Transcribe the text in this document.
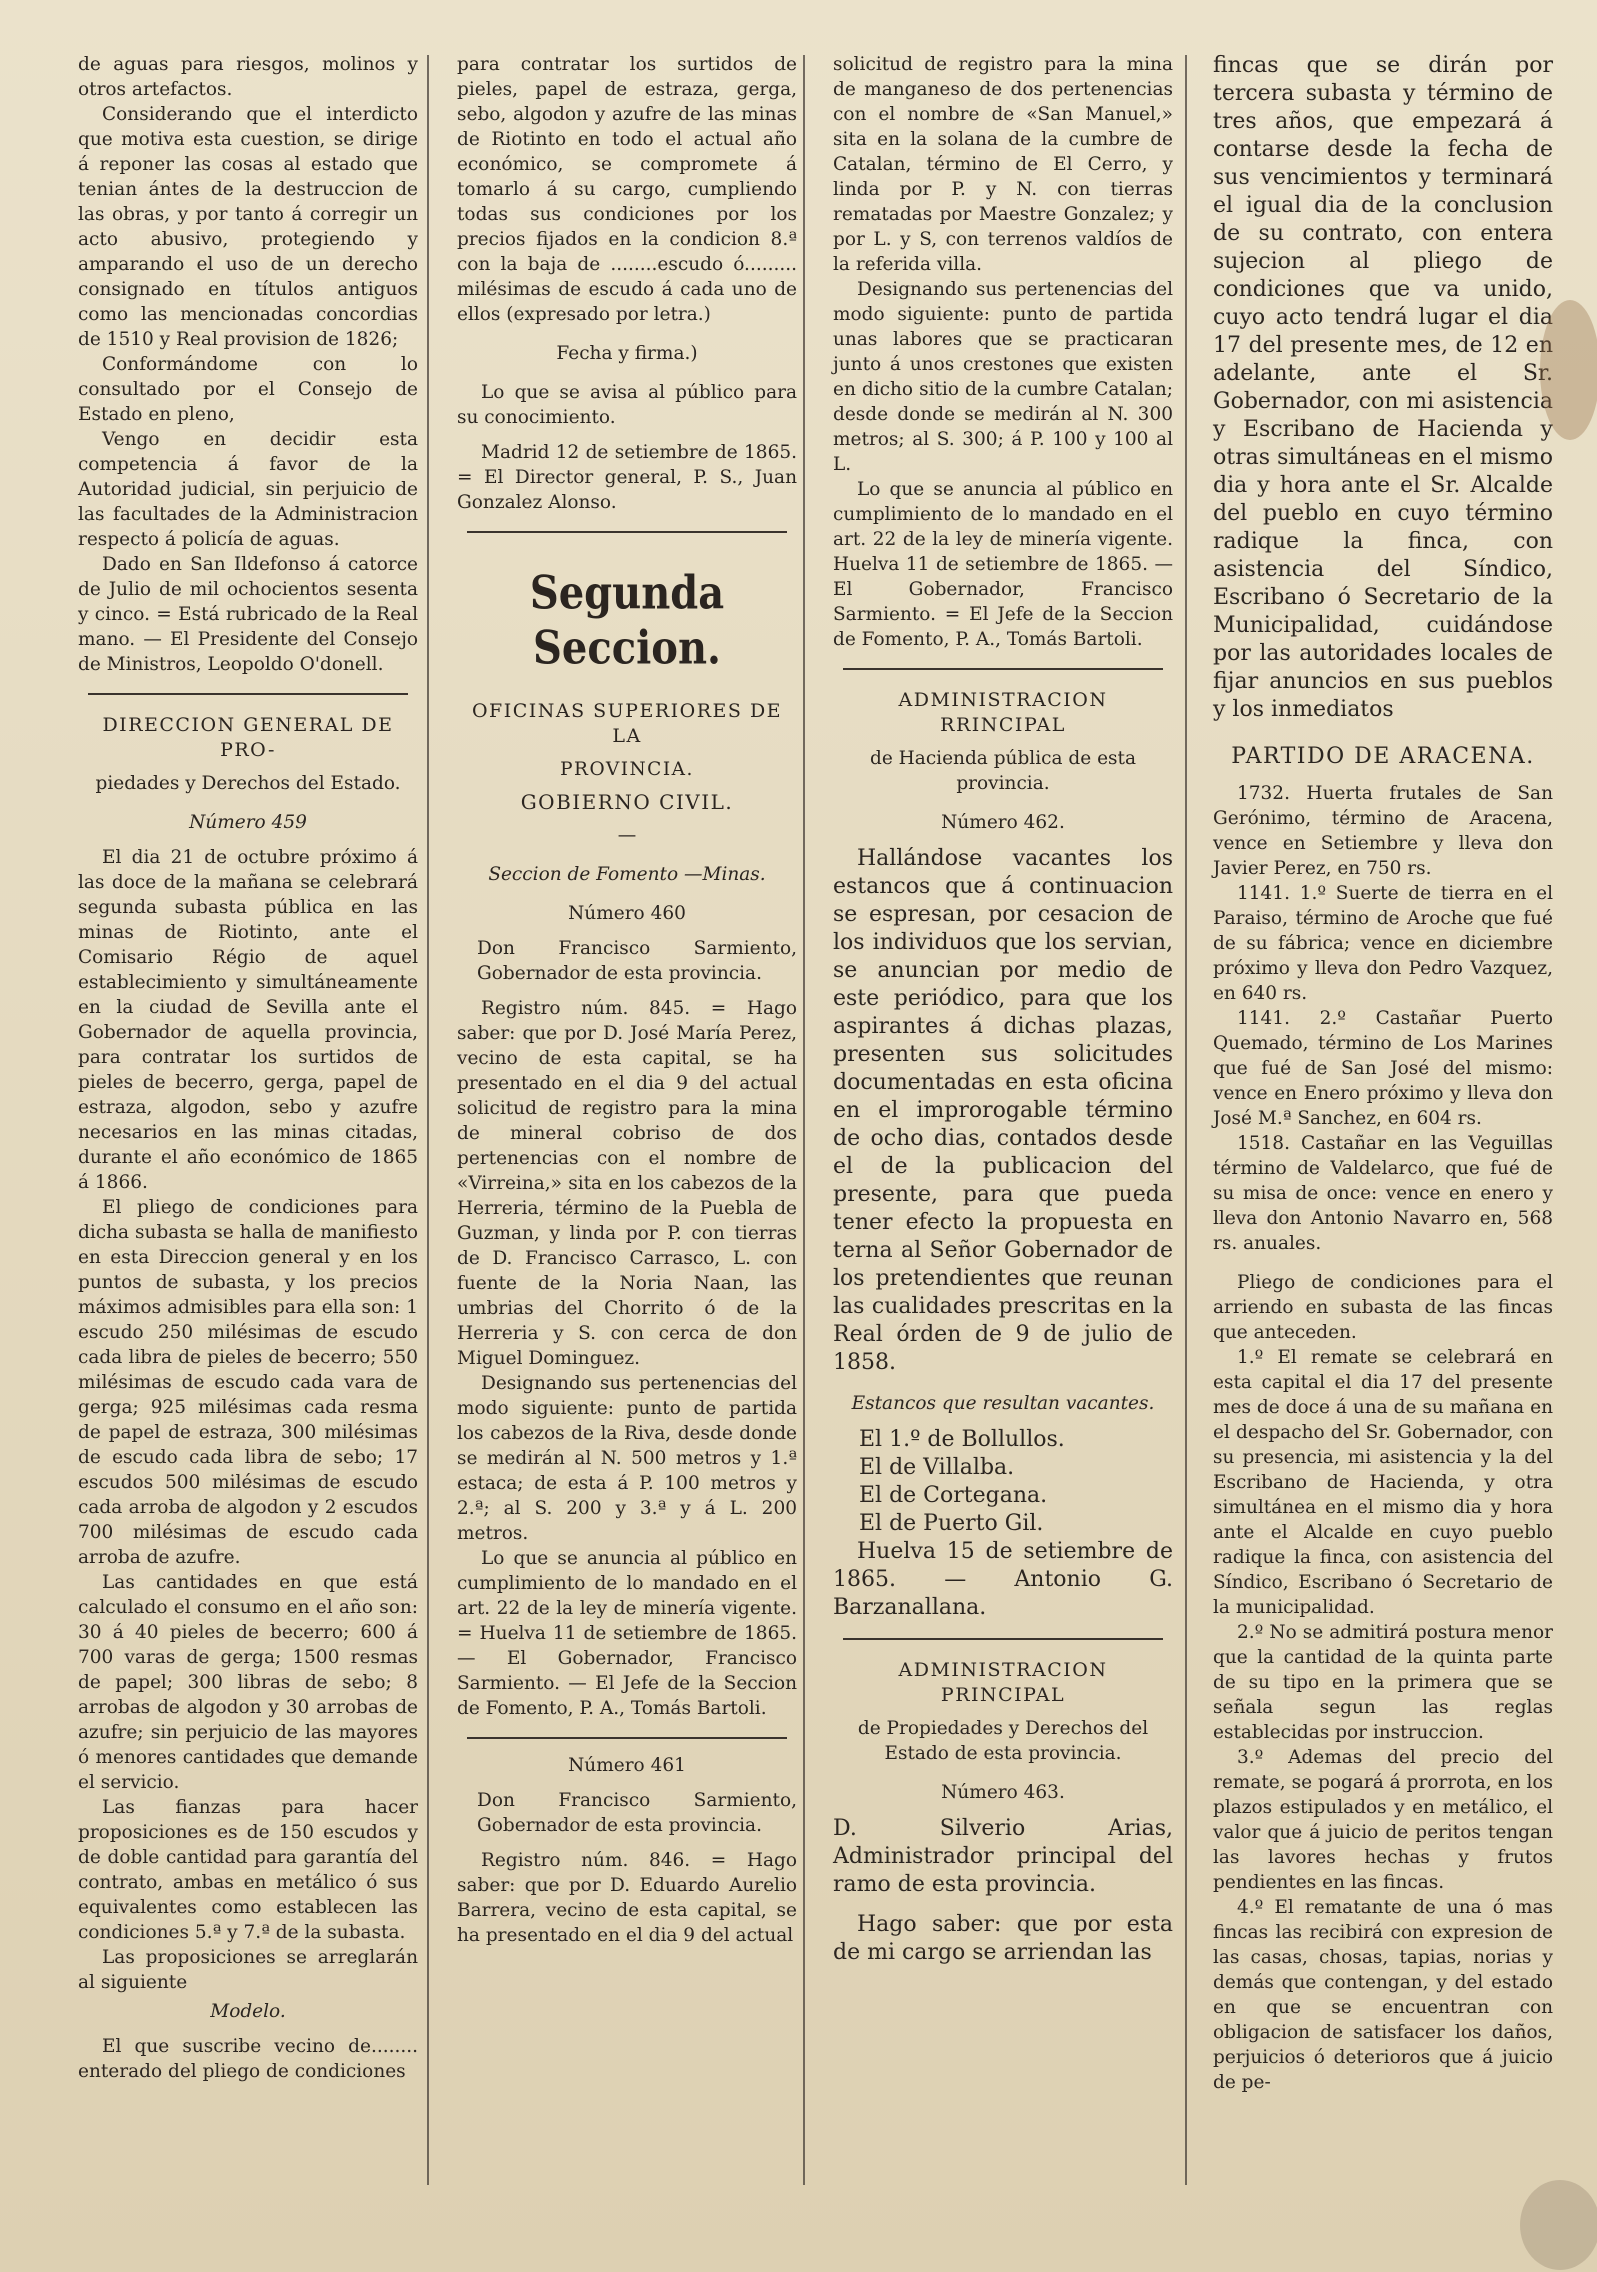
de aguas para riesgos, molinos y otros artefactos.

Considerando que el interdicto que motiva esta cuestion, se dirige á reponer las cosas al estado que tenian ántes de la destruccion de las obras, y por tanto á corregir un acto abusivo, protegiendo y amparando el uso de un derecho consignado en títulos antiguos como las mencionadas concordias de 1510 y Real provision de 1826;

Conformándome con lo consultado por el Consejo de Estado en pleno,

Vengo en decidir esta competencia á favor de la Autoridad judicial, sin perjuicio de las facultades de la Administracion respecto á policía de aguas.

Dado en San Ildefonso á catorce de Julio de mil ochocientos sesenta y cinco. = Está rubricado de la Real mano. — El Presidente del Consejo de Ministros, Leopoldo O'donell.

DIRECCION GENERAL DE PRO-
piedades y Derechos del Estado.
Número 459

El dia 21 de octubre próximo á las doce de la mañana se celebrará segunda subasta pública en las minas de Riotinto, ante el Comisario Régio de aquel establecimiento y simultáneamente en la ciudad de Sevilla ante el Gobernador de aquella provincia, para contratar los surtidos de pieles de becerro, gerga, papel de estraza, algodon, sebo y azufre necesarios en las minas citadas, durante el año económico de 1865 á 1866.

El pliego de condiciones para dicha subasta se halla de manifiesto en esta Direccion general y en los puntos de subasta, y los precios máximos admisibles para ella son: 1 escudo 250 milésimas de escudo cada libra de pieles de becerro; 550 milésimas de escudo cada vara de gerga; 925 milésimas cada resma de papel de estraza, 300 milésimas de escudo cada libra de sebo; 17 escudos 500 milésimas de escudo cada arroba de algodon y 2 escudos 700 milésimas de escudo cada arroba de azufre.

Las cantidades en que está calculado el consumo en el año son: 30 á 40 pieles de becerro; 600 á 700 varas de gerga; 1500 resmas de papel; 300 libras de sebo; 8 arrobas de algodon y 30 arrobas de azufre; sin perjuicio de las mayores ó menores cantidades que demande el servicio.

Las fianzas para hacer proposiciones es de 150 escudos y de doble cantidad para garantía del contrato, ambas en metálico ó sus equivalentes como establecen las condiciones 5.ª y 7.ª de la subasta.

Las proposiciones se arreglarán al siguiente

Modelo.

El que suscribe vecino de........ enterado del pliego de condiciones

para contratar los surtidos de pieles, papel de estraza, gerga, sebo, algodon y azufre de las minas de Riotinto en todo el actual año económico, se compromete á tomarlo á su cargo, cumpliendo todas sus condiciones por los precios fijados en la condicion 8.ª con la baja de ........escudo ó......... milésimas de escudo á cada uno de ellos (expresado por letra.)

Fecha y firma.)

Lo que se avisa al público para su conocimiento.

Madrid 12 de setiembre de 1865. = El Director general, P. S., Juan Gonzalez Alonso.

Segunda Seccion.
OFICINAS SUPERIORES DE LA
PROVINCIA.
GOBIERNO CIVIL.
—
Seccion de Fomento —Minas.
Número 460

Don Francisco Sarmiento, Gobernador de esta provincia.

Registro núm. 845. = Hago saber: que por D. José María Perez, vecino de esta capital, se ha presentado en el dia 9 del actual solicitud de registro para la mina de mineral cobriso de dos pertenencias con el nombre de «Virreina,» sita en los cabezos de la Herreria, término de la Puebla de Guzman, y linda por P. con tierras de D. Francisco Carrasco, L. con fuente de la Noria Naan, las umbrias del Chorrito ó de la Herreria y S. con cerca de don Miguel Dominguez.

Designando sus pertenencias del modo siguiente: punto de partida los cabezos de la Riva, desde donde se medirán al N. 500 metros y 1.ª estaca; de esta á P. 100 metros y 2.ª; al S. 200 y 3.ª y á L. 200 metros.

Lo que se anuncia al público en cumplimiento de lo mandado en el art. 22 de la ley de minería vigente. = Huelva 11 de setiembre de 1865. — El Gobernador, Francisco Sarmiento. — El Jefe de la Seccion de Fomento, P. A., Tomás Bartoli.

Número 461

Don Francisco Sarmiento, Gobernador de esta provincia.

Registro núm. 846. = Hago saber: que por D. Eduardo Aurelio Barrera, vecino de esta capital, se ha presentado en el dia 9 del actual

solicitud de registro para la mina de manganeso de dos pertenencias con el nombre de «San Manuel,» sita en la solana de la cumbre de Catalan, término de El Cerro, y linda por P. y N. con tierras rematadas por Maestre Gonzalez; y por L. y S, con terrenos valdíos de la referida villa.

Designando sus pertenencias del modo siguiente: punto de partida unas labores que se practicaran junto á unos crestones que existen en dicho sitio de la cumbre Catalan; desde donde se medirán al N. 300 metros; al S. 300; á P. 100 y 100 al L.

Lo que se anuncia al público en cumplimiento de lo mandado en el art. 22 de la ley de minería vigente. Huelva 11 de setiembre de 1865. — El Gobernador, Francisco Sarmiento. = El Jefe de la Seccion de Fomento, P. A., Tomás Bartoli.

ADMINISTRACION RRINCIPAL
de Hacienda pública de esta provincia.
Número 462.

Hallándose vacantes los estancos que á continuacion se espresan, por cesacion de los individuos que los servian, se anuncian por medio de este periódico, para que los aspirantes á dichas plazas, presenten sus solicitudes documentadas en esta oficina en el improrogable término de ocho dias, contados desde el de la publicacion del presente, para que pueda tener efecto la propuesta en terna al Señor Gobernador de los pretendientes que reunan las cualidades prescritas en la Real órden de 9 de julio de 1858.

Estancos que resultan vacantes.
El 1.º de Bollullos.
El de Villalba.
El de Cortegana.
El de Puerto Gil.

Huelva 15 de setiembre de 1865. — Antonio G. Barzanallana.

ADMINISTRACION PRINCIPAL
de Propiedades y Derechos del Estado de esta provincia.
Número 463.

D. Silverio Arias, Administrador principal del ramo de esta provincia.

Hago saber: que por esta de mi cargo se arriendan las

fincas que se dirán por tercera subasta y término de tres años, que empezará á contarse desde la fecha de sus vencimientos y terminará el igual dia de la conclusion de su contrato, con entera sujecion al pliego de condiciones que va unido, cuyo acto tendrá lugar el dia 17 del presente mes, de 12 en adelante, ante el Sr. Gobernador, con mi asistencia y Escribano de Hacienda y otras simultáneas en el mismo dia y hora ante el Sr. Alcalde del pueblo en cuyo término radique la finca, con asistencia del Síndico, Escribano ó Secretario de la Municipalidad, cuidándose por las autoridades locales de fijar anuncios en sus pueblos y los inmediatos

PARTIDO DE ARACENA.

1732. Huerta frutales de San Gerónimo, término de Aracena, vence en Setiembre y lleva don Javier Perez, en 750 rs.

1141. 1.º Suerte de tierra en el Paraiso, término de Aroche que fué de su fábrica; vence en diciembre próximo y lleva don Pedro Vazquez, en 640 rs.

1141. 2.º Castañar Puerto Quemado, término de Los Marines que fué de San José del mismo: vence en Enero próximo y lleva don José M.ª Sanchez, en 604 rs.

1518. Castañar en las Veguillas término de Valdelarco, que fué de su misa de once: vence en enero y lleva don Antonio Navarro en, 568 rs. anuales.

Pliego de condiciones para el arriendo en subasta de las fincas que anteceden.

1.º El remate se celebrará en esta capital el dia 17 del presente mes de doce á una de su mañana en el despacho del Sr. Gobernador, con su presencia, mi asistencia y la del Escribano de Hacienda, y otra simultánea en el mismo dia y hora ante el Alcalde en cuyo pueblo radique la finca, con asistencia del Síndico, Escribano ó Secretario de la municipalidad.

2.º No se admitirá postura menor que la cantidad de la quinta parte de su tipo en la primera que se señala segun las reglas establecidas por instruccion.

3.º Ademas del precio del remate, se pogará á prorrota, en los plazos estipulados y en metálico, el valor que á juicio de peritos tengan las lavores hechas y frutos pendientes en las fincas.

4.º El rematante de una ó mas fincas las recibirá con expresion de las casas, chosas, tapias, norias y demás que contengan, y del estado en que se encuentran con obligacion de satisfacer los daños, perjuicios ó deterioros que á juicio de pe-
